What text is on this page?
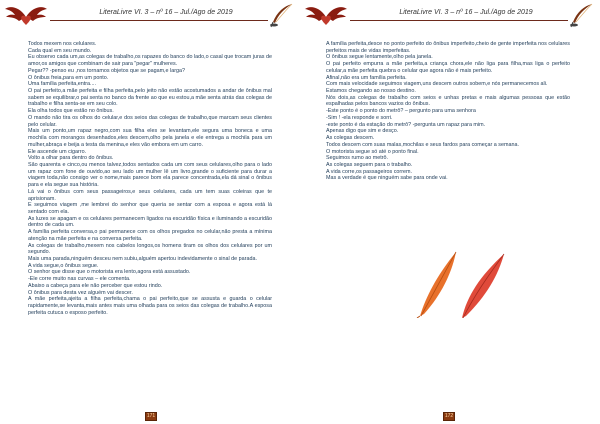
LiteraLivre VI. 3 – nº 16 – Jul./Ago de 2019

Todos mexem nos celulares.

Cada qual em seu mundo.

Eu observo cada um,as colegas de trabalho,os rapazes do banco do lado,o casal que trocam juras de amor,os amigos que combinam de sair para "pegar" mulheres.

Pegar?? -penso eu ,nos tornamos objetos que se pagam,e larga?

O ônibus freia,para em um ponto.

Uma família perfeita,entra....

O pai perfeito,a mãe perfeita e filha perfeita,pelo jeito não estão acostumados a andar de ônibus mal sabem se equilibrar,o pai senta no banco da frente ao que eu estou,a mãe senta atrás das colegas de trabalho e filha senta-se em seu colo.

Ela olha todos que estão no ônibus.

O mando não tira os olhos do celular,e dos seios das colegas de trabalho,que marcam seus clientes pelo celular.

Mais um ponto,um rapaz negro,com sua filha eles se levantam,ele segura uma boneca e uma mochila com morangos desenhados,eles descem,olho pela janela e ele entrega a mochila para um mulher,abraça e beija a testa da menina,e eles vão embora em um carro.

Ele ascende um cigarro.

Volto a olhar para dentro do ônibus.

São quarenta e cinco,ou menos talvez,todos sentados cada um com seus celulares,olho para o lado um rapaz com fone de ouvido,ao seu lado um mulher lê um livro,grande o suficiente para durar a viagem toda,não consigo ver o nome,mais parece bom ela parece concentrada,ela dá sinal o ônibus para e ela segue sua história.

Lá vai o ônibus com seus passageiros,e seus celulares, cada um tem suas coleiras que te aprisionam.

E seguimos viagem ,me lembrei do senhor que queria se sentar com a esposa e agora está lá sentado com ela.

As luzes se apagam e os celulares permanecem ligados na escuridão física e iluminando a escuridão dentro de cada um.

A família perfeita conversa,o pai permanece com os olhos pregados no celular,não presta a mínima atenção na mãe perfeita e na conversa perfeita.

As colegas de trabalho,mexem nos cabelos longos,os homens tiram os olhos dos celulares por um segundo.

Mais uma parada,ninguém desceu nem subiu,alguém apertou indevidamente o sinal de parada.

A vida segue,o ônibus segue.

O senhor que disse que o motorista era lento,agora está assustado.

-Ele corre muito nas curvas – ele comenta.

Abaixo a cabeça para ele não perceber que estou rindo.

O ônibus para desta vez alguém vai descer.

A mãe perfeita,ajeita a filha perfeita,chama o pai perfeito,que se assusta e guarda o celular rapidamente,se levanta,mais antes mais uma olhada para os seios das colegas de trabalho.A esposa perfeita cutuca o esposo perfeito.

171
LiteraLivre VI. 3 – nº 16 – Jul./Ago de 2019

A família perfeita,desce no ponto perfeito do ônibus imperfeito,cheio de gente imperfeita nos celulares perfeitos mais de vidas imperfeitas.

O ônibus segue lentamente,olho pela janela.

O pai perfeito empurra a mãe perfeita,a criança chora,ele não liga para filha,mas liga o perfeito celular,a mãe perfeita quebra o celular que agora não é mais perfeito.

Afinal,não era um família perfeita.

Com mais velocidade seguimos viagem,uns descem outros sobem,e nós permanecemos ali.

Estamos chegando ao nosso destino.

Nós dois,as colegas de trabalho com seios e unhas pretas e mais algumas pessoas que estão espalhadas pelos bancos vazios do ônibus.

-Este ponto é o ponto do metrô? – pergunto para uma senhora

-Sim ! -ela responde e sorri.

-este ponto é da estação do metrô? -pergunta um rapaz para mim.

Apenas digo que sim e desço.

As colegas descem.

Todos descem com suas malas,mochilas e seus fardos para começar a semana.

O motorista segue só até o ponto final.

Seguimos rumo ao metrô.

As colegas seguem para o trabalho.

A vida corre,os passageiros correm.

Mas a verdade é que ninguém sabe para onde vai.

172
